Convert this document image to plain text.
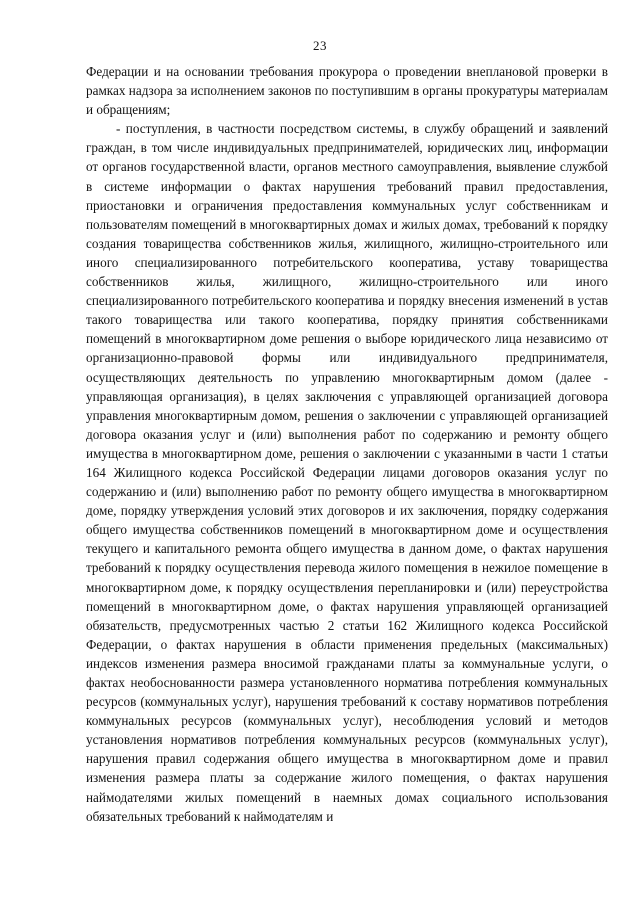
23

Федерации и на основании требования прокурора о проведении внеплановой проверки в рамках надзора за исполнением законов по поступившим в органы прокуратуры материалам и обращениям;

- поступления, в частности посредством системы, в службу обращений и заявлений граждан, в том числе индивидуальных предпринимателей, юридических лиц, информации от органов государственной власти, органов местного самоуправления, выявление службой в системе информации о фактах нарушения требований правил предоставления, приостановки и ограничения предоставления коммунальных услуг собственникам и пользователям помещений в многоквартирных домах и жилых домах, требований к порядку создания товарищества собственников жилья, жилищного, жилищно-строительного или иного специализированного потребительского кооператива, уставу товарищества собственников жилья, жилищного, жилищно-строительного или иного специализированного потребительского кооператива и порядку внесения изменений в устав такого товарищества или такого кооператива, порядку принятия собственниками помещений в многоквартирном доме решения о выборе юридического лица независимо от организационно-правовой формы или индивидуального предпринимателя, осуществляющих деятельность по управлению многоквартирным домом (далее - управляющая организация), в целях заключения с управляющей организацией договора управления многоквартирным домом, решения о заключении с управляющей организацией договора оказания услуг и (или) выполнения работ по содержанию и ремонту общего имущества в многоквартирном доме, решения о заключении с указанными в части 1 статьи 164 Жилищного кодекса Российской Федерации лицами договоров оказания услуг по содержанию и (или) выполнению работ по ремонту общего имущества в многоквартирном доме, порядку утверждения условий этих договоров и их заключения, порядку содержания общего имущества собственников помещений в многоквартирном доме и осуществления текущего и капитального ремонта общего имущества в данном доме, о фактах нарушения требований к порядку осуществления перевода жилого помещения в нежилое помещение в многоквартирном доме, к порядку осуществления перепланировки и (или) переустройства помещений в многоквартирном доме, о фактах нарушения управляющей организацией обязательств, предусмотренных частью 2 статьи 162 Жилищного кодекса Российской Федерации, о фактах нарушения в области применения предельных (максимальных) индексов изменения размера вносимой гражданами платы за коммунальные услуги, о фактах необоснованности размера установленного норматива потребления коммунальных ресурсов (коммунальных услуг), нарушения требований к составу нормативов потребления коммунальных ресурсов (коммунальных услуг), несоблюдения условий и методов установления нормативов потребления коммунальных ресурсов (коммунальных услуг), нарушения правил содержания общего имущества в многоквартирном доме и правил изменения размера платы за содержание жилого помещения, о фактах нарушения наймодателями жилых помещений в наемных домах социального использования обязательных требований к наймодателям и
